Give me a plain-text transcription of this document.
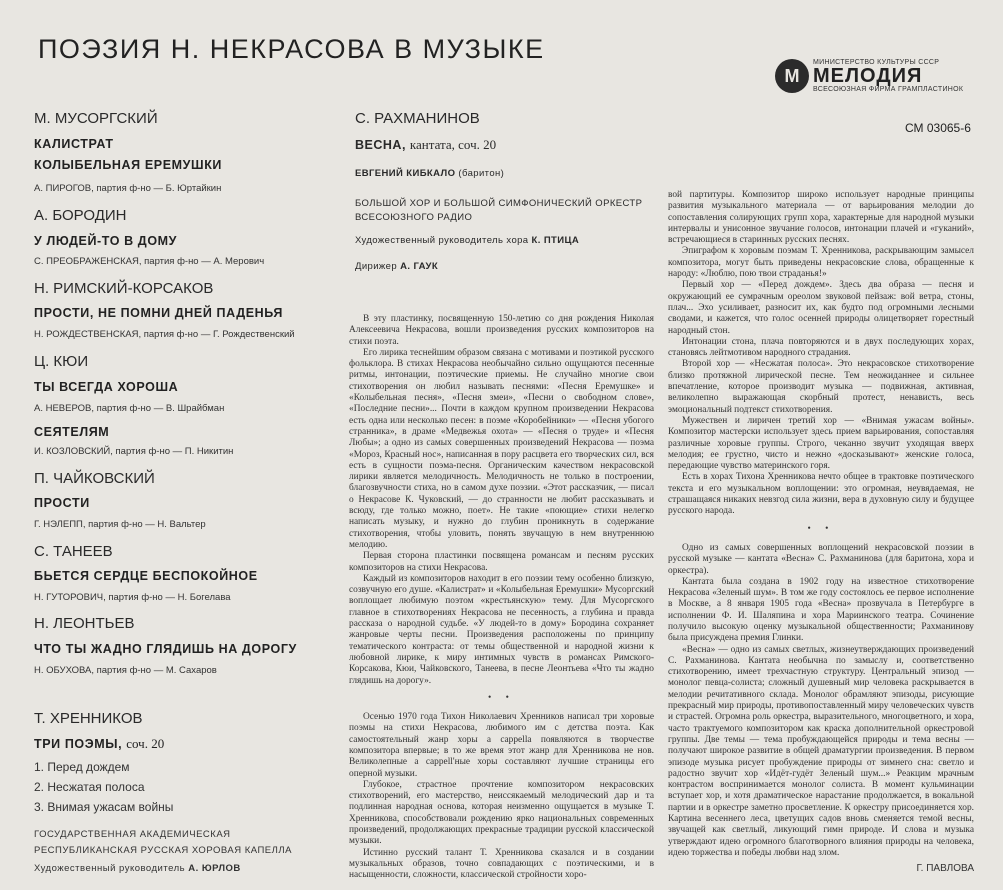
ПОЭЗИЯ Н. НЕКРАСОВА В МУЗЫКЕ
М
МИНИСТЕРСТВО КУЛЬТУРЫ СССР
МЕЛОДИЯ
ВСЕСОЮЗНАЯ ФИРМА ГРАМПЛАСТИНОК
СМ 03065-6
М. МУСОРГСКИЙ
КАЛИСТРАТ
КОЛЫБЕЛЬНАЯ ЕРЕМУШКИ
А. ПИРОГОВ, партия ф-но — Б. Юртайкин
А. БОРОДИН
У ЛЮДЕЙ-ТО В ДОМУ
С. ПРЕОБРАЖЕНСКАЯ, партия ф-но — А. Мерович
Н. РИМСКИЙ-КОРСАКОВ
ПРОСТИ, НЕ ПОМНИ ДНЕЙ ПАДЕНЬЯ
Н. РОЖДЕСТВЕНСКАЯ, партия ф-но — Г. Рождественский
Ц. КЮИ
ТЫ ВСЕГДА ХОРОША
А. НЕВЕРОВ, партия ф-но — В. Шрайбман
СЕЯТЕЛЯМ
И. КОЗЛОВСКИЙ, партия ф-но — П. Никитин
П. ЧАЙКОВСКИЙ
ПРОСТИ
Г. НЭЛЕПП, партия ф-но — Н. Вальтер
С. ТАНЕЕВ
БЬЕТСЯ СЕРДЦЕ БЕСПОКОЙНОЕ
Н. ГУТОРОВИЧ, партия ф-но — Н. Богелава
Н. ЛЕОНТЬЕВ
ЧТО ТЫ ЖАДНО ГЛЯДИШЬ НА ДОРОГУ
Н. ОБУХОВА, партия ф-но — М. Сахаров
Т. ХРЕННИКОВ
ТРИ ПОЭМЫ, соч. 20
1. Перед дождем
2. Несжатая полоса
3. Внимая ужасам войны
ГОСУДАРСТВЕННАЯ АКАДЕМИЧЕСКАЯ
РЕСПУБЛИКАНСКАЯ РУССКАЯ ХОРОВАЯ КАПЕЛЛА
Художественный руководитель А. ЮРЛОВ
С. РАХМАНИНОВ
ВЕСНА, кантата, соч. 20
ЕВГЕНИЙ КИБКАЛО (баритон)
БОЛЬШОЙ ХОР И БОЛЬШОЙ СИМФОНИЧЕСКИЙ ОРКЕСТР
ВСЕСОЮЗНОГО РАДИО
Художественный руководитель хора К. ПТИЦА
Дирижер А. ГАУК

В эту пластинку, посвященную 150-летию со дня рождения Николая Алексеевича Некрасова, вошли произведения русских композиторов на стихи поэта.

Его лирика теснейшим образом связана с мотивами и поэтикой русского фольклора. В стихах Некрасова необычайно сильно ощущаются песенные ритмы, интонации, поэтические приемы. Не случайно многие свои стихотворения он любил называть песнями: «Песня Еремушке» и «Колыбельная песня», «Песня змеи», «Песни о свободном слове», «Последние песни»... Почти в каждом крупном произведении Некрасова есть одна или несколько песен: в поэме «Коробейники» — «Песня убогого странника», в драме «Медвежья охота» — «Песня о труде» и «Песня Любы»; а одно из самых совершенных произведений Некрасова — поэма «Мороз, Красный нос», написанная в пору расцвета его творческих сил, вся есть в сущности поэма-песня. Органическим качеством некрасовской лирики является мелодичность. Мелодичность не только в построении, благозвучности стиха, но в самом духе поэзии. «Этот рассказчик, — писал о Некрасове К. Чуковский, — до странности не любит рассказывать и всюду, где только можно, поет». Не такие «поющие» стихи нелегко написать музыку, и нужно до глубин проникнуть в содержание стихотворения, чтобы уловить, понять звучащую в нем внутреннюю мелодию.

Первая сторона пластинки посвящена романсам и песням русских композиторов на стихи Некрасова.

Каждый из композиторов находит в его поэзии тему особенно близкую, созвучную его душе. «Калистрат» и «Колыбельная Еремушки» Мусоргский воплощает любимую поэтом «крестьянскую» тему. Для Мусоргского главное в стихотворениях Некрасова не песенность, а глубина и правда рассказа о народной судьбе. «У людей-то в дому» Бородина сохраняет жанровые черты песни. Произведения расположены по принципу тематического контраста: от темы общественной и народной жизни к любовной лирике, к миру интимных чувств в романсах Римского-Корсакова, Кюи, Чайковского, Танеева, в песне Леонтьева «Что ты жадно глядишь на дорогу».

• •

Осенью 1970 года Тихон Николаевич Хренников написал три хоровые поэмы на стихи Некрасова, любимого им с детства поэта. Как самостоятельный жанр хоры a cappella появляются в творчестве композитора впервые; в то же время этот жанр для Хренникова не нов. Великолепные a cappell'ные хоры составляют лучшие страницы его оперной музыки.

Глубокое, страстное прочтение композитором некрасовских стихотворений, его мастерство, неиссякаемый мелодический дар и та подлинная народная основа, которая неизменно ощущается в музыке Т. Хренникова, способствовали рождению ярко национальных современных произведений, продолжающих прекрасные традиции русской классической музыки.

Истинно русский талант Т. Хренникова сказался и в создании музыкальных образов, точно совпадающих с поэтическими, и в насыщенности, сложности, классической стройности хоро-

вой партитуры. Композитор широко использует народные принципы развития музыкального материала — от варьирования мелодии до сопоставления солирующих групп хора, характерные для народной музыки интервалы и унисонное звучание голосов, интонации плачей и «гуканий», встречающиеся в старинных русских песнях.

Эпиграфом к хоровым поэмам Т. Хренникова, раскрывающим замысел композитора, могут быть приведены некрасовские слова, обращенные к народу: «Люблю, пою твои страданья!»

Первый хор — «Перед дождем». Здесь два образа — песня и окружающий ее сумрачным ореолом звуковой пейзаж: вой ветра, стоны, плач... Эхо усиливает, разносит их, как будто под огромными лесными сводами, и кажется, что голос осенней природы олицетворяет горестный народный стон.

Интонации стона, плача повторяются и в двух последующих хорах, становясь лейтмотивом народного страдания.

Второй хор — «Несжатая полоса». Это некрасовское стихотворение близко протяжной лирической песне. Тем неожиданнее и сильнее впечатление, которое производит музыка — подвижная, активная, великолепно выражающая скорбный протест, ненависть, весь эмоциональный подтекст стихотворения.

Мужествен и лиричен третий хор — «Внимая ужасам войны». Композитор мастерски использует здесь прием варьирования, сопоставляя различные хоровые группы. Строго, чеканно звучит уходящая вверх мелодия; ее грустно, чисто и нежно «досказывают» женские голоса, передающие чувство материнского горя.

Есть в хорах Тихона Хренникова нечто общее в трактовке поэтического текста и его музыкальном воплощении: это огромная, неувядаемая, не страшащаяся никаких невзгод сила жизни, вера в духовную силу и будущее русского народа.

• •

Одно из самых совершенных воплощений некрасовской поэзии в русской музыке — кантата «Весна» С. Рахманинова (для баритона, хора и оркестра).

Кантата была создана в 1902 году на известное стихотворение Некрасова «Зеленый шум». В том же году состоялось ее первое исполнение в Москве, а 8 января 1905 года «Весна» прозвучала в Петербурге в исполнении Ф. И. Шаляпина и хора Мариинского театра. Сочинение получило высокую оценку музыкальной общественности; Рахманинову была присуждена премия Глинки.

«Весна» — одно из самых светлых, жизнеутверждающих произведений С. Рахманинова. Кантата необычна по замыслу и, соответственно стихотворению, имеет трехчастную структуру. Центральный эпизод — монолог певца-солиста; сложный душевный мир человека раскрывается в мелодии речитативного склада. Монолог обрамляют эпизоды, рисующие прекрасный мир природы, противопоставленный миру человеческих чувств и страстей. Огромна роль оркестра, выразительного, многоцветного, и хора, часто трактуемого композитором как краска дополнительной оркестровой группы. Две темы — тема пробуждающейся природы и тема весны — получают широкое развитие в общей драматургии произведения. В первом эпизоде музыка рисует пробуждение природы от зимнего сна: светло и радостно звучит хор «Идёт-гудёт Зеленый шум...» Реакцим мрачным контрастом воспринимается монолог солиста. В момент кульминации вступает хор, и хотя драматическое нарастание продолжается, в вокальной партии и в оркестре заметно просветление. К оркестру присоединяется хор. Картина весеннего леса, цветущих садов вновь сменяется темой весны, звучащей как светлый, ликующий гимн природе. И слова и музыка утверждают идею огромного благотворного влияния природы на человека, идею торжества и победы любви над злом.

Г. ПАВЛОВА
